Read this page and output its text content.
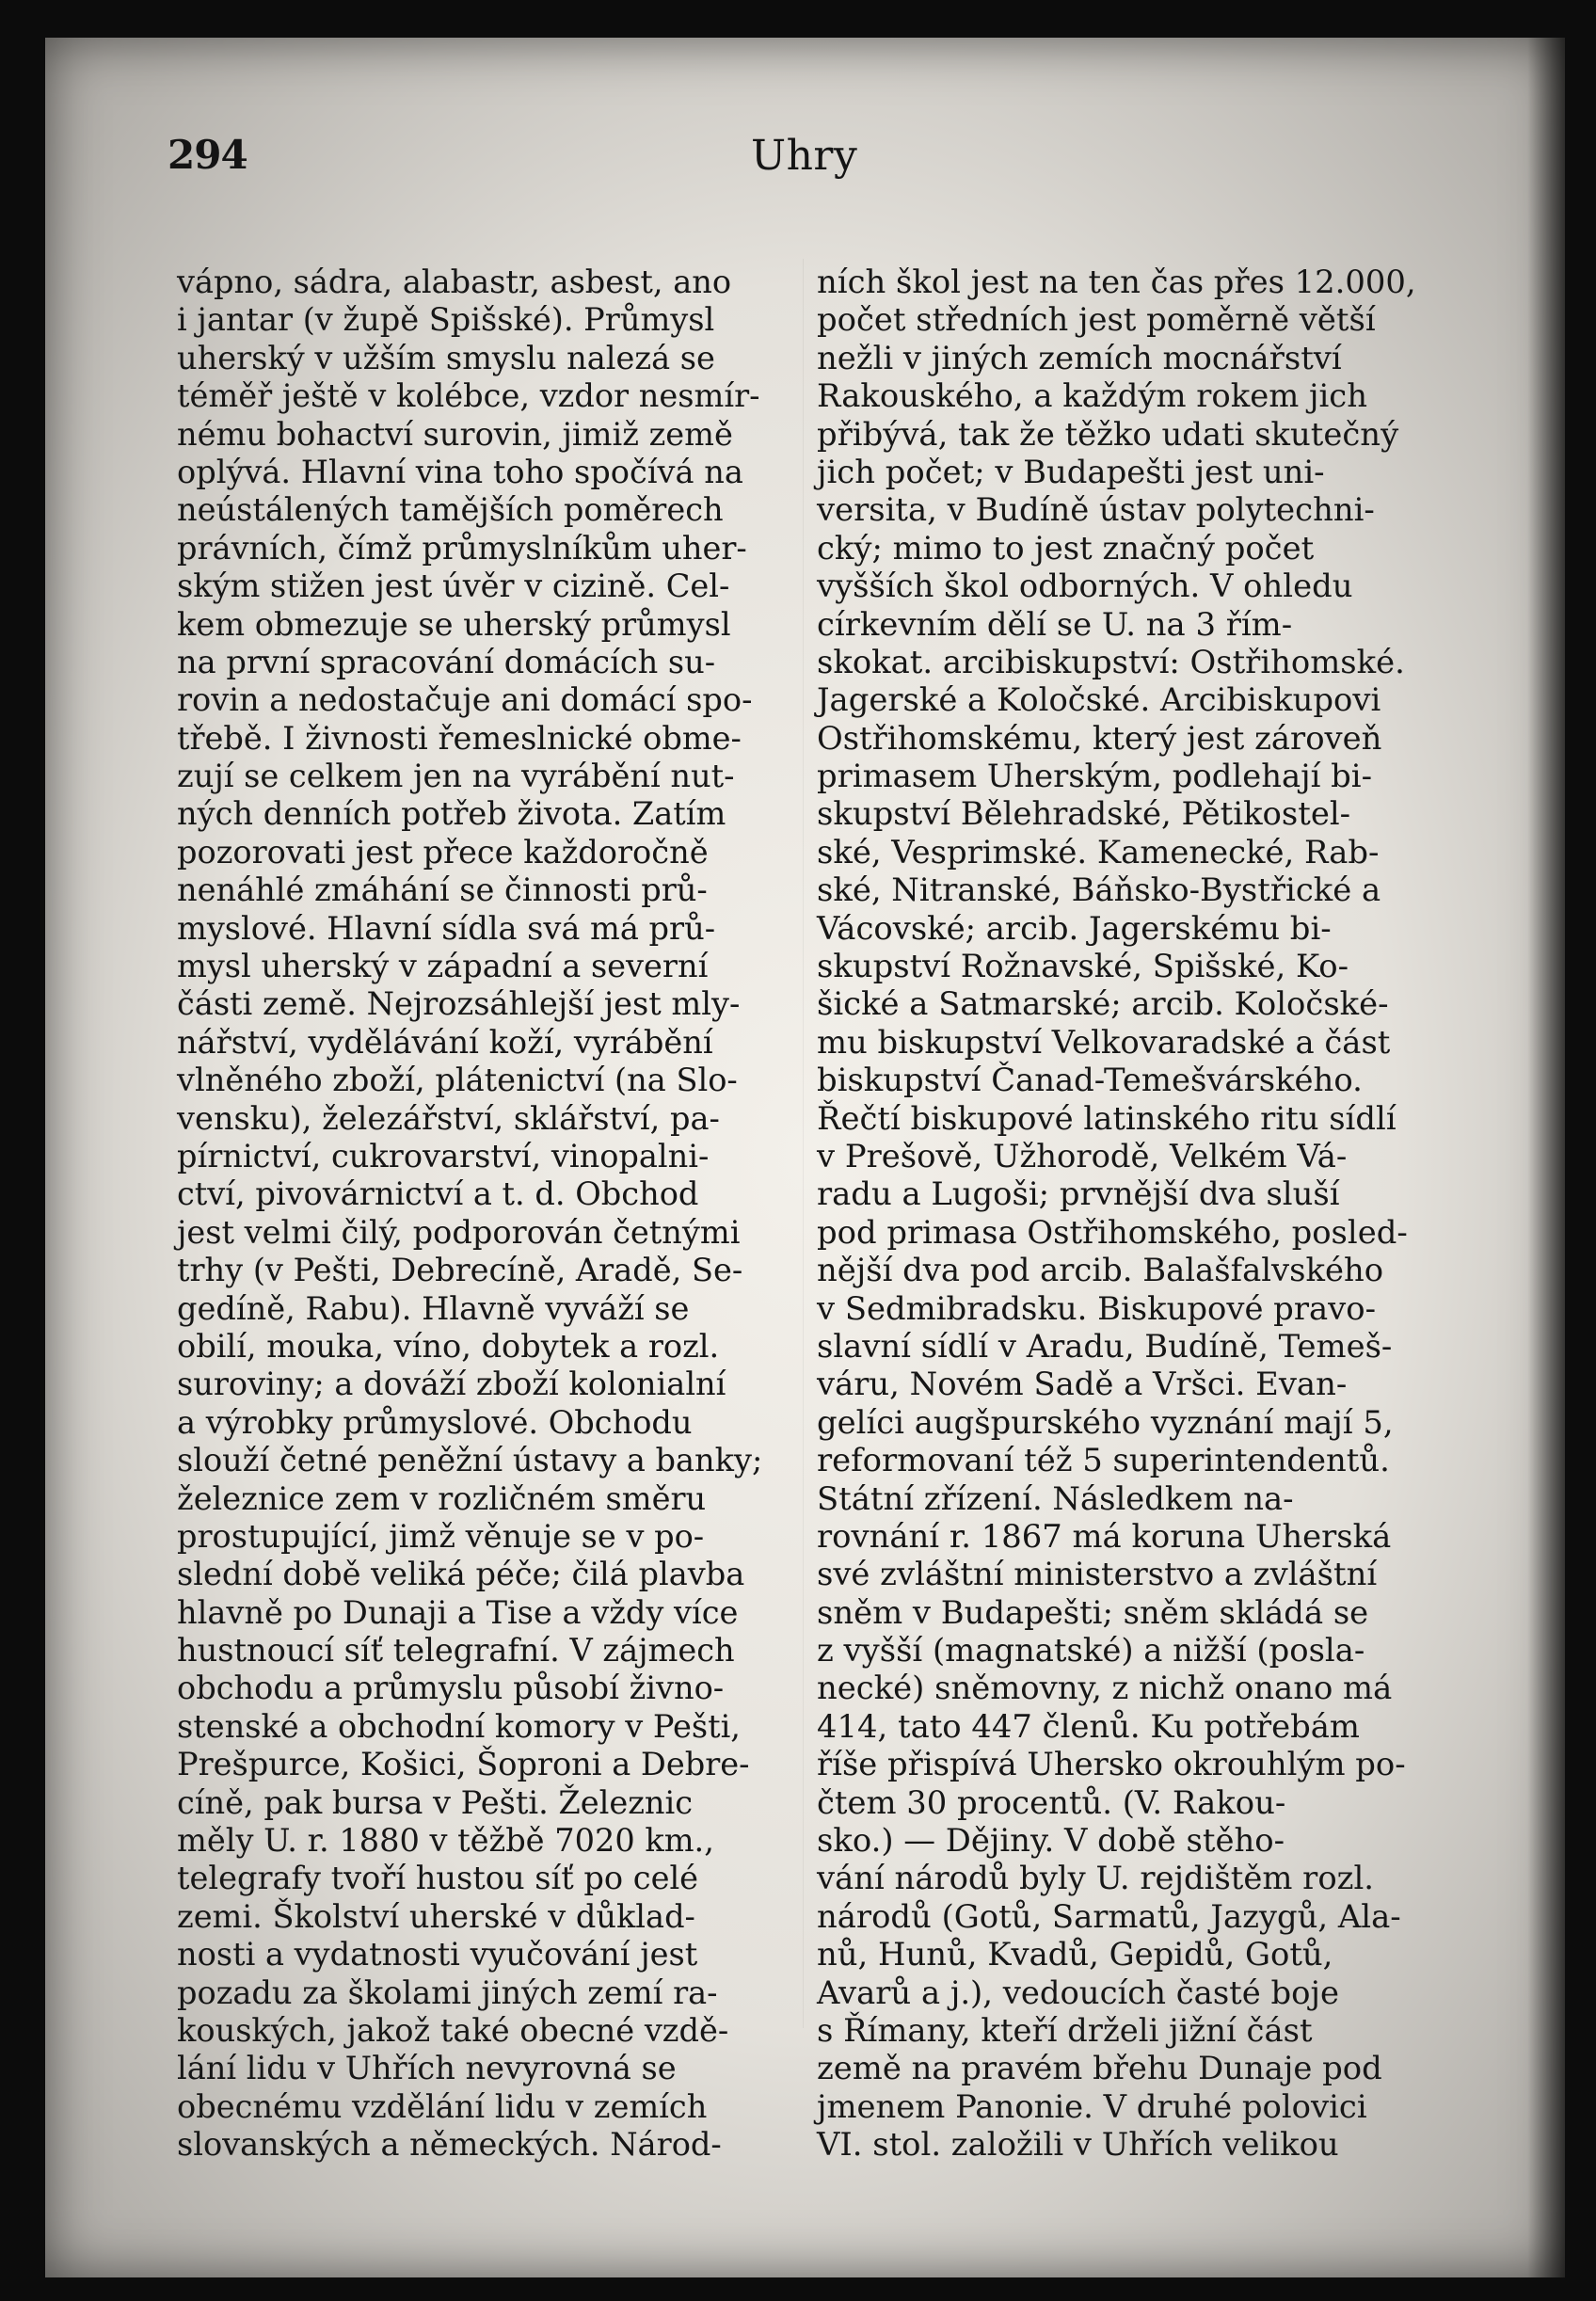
294	Uhry
vápno, sádra, alabastr, asbest, ano
i jantar (v župě Spišské). Průmysl
uherský v užším smyslu nalezá se
téměř ještě v kolébce, vzdor nesmír-
nému bohactví surovin, jimiž země
oplývá. Hlavní vina toho spočívá na
neústálených tamějších poměrech
právních, čímž průmyslníkům uher-
ským stižen jest úvěr v cizině. Cel-
kem obmezuje se uherský průmysl
na první spracování domácích su-
rovin a nedostačuje ani domácí spo-
třebě. I živnosti řemeslnické obme-
zují se celkem jen na vyrábění nut-
ných denních potřeb života. Zatím
pozorovati jest přece každoročně
nenáhlé zmáhání se činnosti prů-
myslové. Hlavní sídla svá má prů-
mysl uherský v západní a severní
části země. Nejrozsáhlejší jest mly-
nářství, vydělávání koží, vyrábění
vlněného zboží, plátenictví (na Slo-
vensku), železářství, sklářství, pa-
pírnictví, cukrovarství, vinopalni-
ctví, pivovárnictví a t. d. Obchod
jest velmi čilý, podporován četnými
trhy (v Pešti, Debrecíně, Aradě, Se-
gedíně, Rabu). Hlavně vyváží se
obilí, mouka, víno, dobytek a rozl.
suroviny; a dováží zboží kolonialní
a výrobky průmyslové. Obchodu
slouží četné peněžní ústavy a banky;
železnice zem v rozličném směru
prostupující, jimž věnuje se v po-
slední době veliká péče; čilá plavba
hlavně po Dunaji a Tise a vždy více
hustnoucí síť telegrafní. V zájmech
obchodu a průmyslu působí živno-
stenské a obchodní komory v Pešti,
Prešpurce, Košici, Šoproni a Debre-
cíně, pak bursa v Pešti. Železnic
měly U. r. 1880 v těžbě 7020 km.,
telegrafy tvoří hustou síť po celé
zemi. Školství uherské v důklad-
nosti a vydatnosti vyučování jest
pozadu za školami jiných zemí ra-
kouských, jakož také obecné vzdě-
lání lidu v Uhřích nevyrovná se
obecnému vzdělání lidu v zemích
slovanských a německých. Národ-
ních škol jest na ten čas přes 12.000,
počet středních jest poměrně větší
nežli v jiných zemích mocnářství
Rakouského, a každým rokem jich
přibývá, tak že těžko udati skutečný
jich počet; v Budapešti jest uni-
versita, v Budíně ústav polytechni-
cký; mimo to jest značný počet
vyšších škol odborných. V ohledu
církevním dělí se U. na 3 řím-
skokat. arcibiskupství: Ostřihomské.
Jagerské a Koločské. Arcibiskupovi
Ostřihomskému, který jest zároveň
primasem Uherským, podlehají bi-
skupství Bělehradské, Pětikostel-
ské, Vesprimské. Kamenecké, Rab-
ské, Nitranské, Báňsko-Bystřické a
Vácovské; arcib. Jagerskému bi-
skupství Rožnavské, Spišské, Ko-
šické a Satmarské; arcib. Koločské-
mu biskupství Velkovaradské a část
biskupství Čanad-Temešvárského.
Řečtí biskupové latinského ritu sídlí
v Prešově, Užhorodě, Velkém Vá-
radu a Lugoši; prvnější dva sluší
pod primasa Ostřihomského, posled-
nější dva pod arcib. Balašfalvského
v Sedmibradsku. Biskupové pravo-
slavní sídlí v Aradu, Budíně, Temeš-
váru, Novém Sadě a Vršci. Evan-
gelíci augšpurského vyznání mají 5,
reformovaní též 5 superintendentů.
Státní zřízení. Následkem na-
rovnání r. 1867 má koruna Uherská
své zvláštní ministerstvo a zvláštní
sněm v Budapešti; sněm skládá se
z vyšší (magnatské) a nižší (posla-
necké) sněmovny, z nichž onano má
414, tato 447 členů. Ku potřebám
říše přispívá Uhersko okrouhlým po-
čtem 30 procentů. (V. Rakou-
sko.) — Dějiny. V době stěho-
vání národů byly U. rejdištěm rozl.
národů (Gotů, Sarmatů, Jazygů, Ala-
nů, Hunů, Kvadů, Gepidů, Gotů,
Avarů a j.), vedoucích časté boje
s Římany, kteří drželi jižní část
země na pravém břehu Dunaje pod
jmenem Panonie. V druhé polovici
VI. stol. založili v Uhřích velikou
